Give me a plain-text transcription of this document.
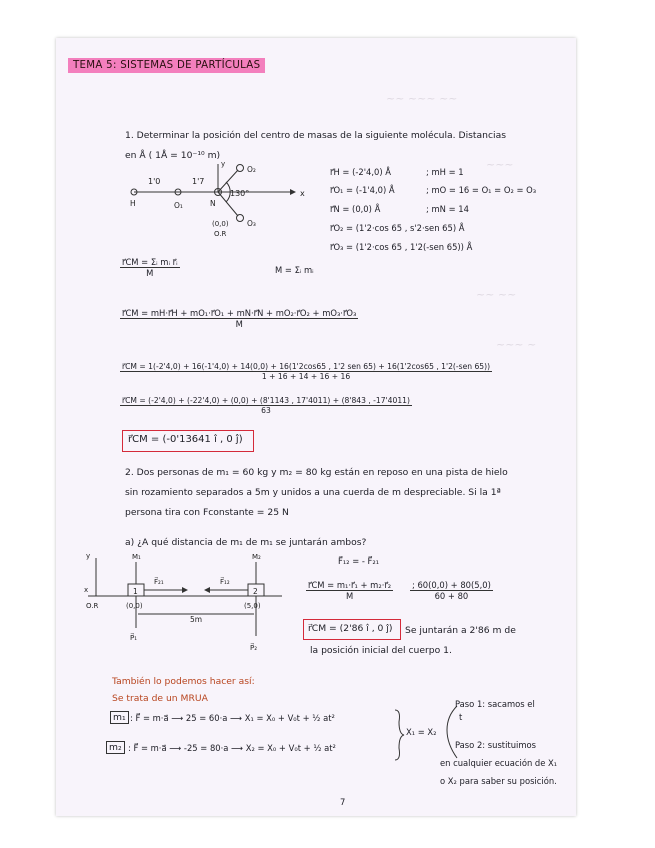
~~ ~~~ ~~
~~~
~~ ~~
~~~ ~
TEMA 5: SISTEMAS DE PARTÍCULAS
1. Determinar la posición del centro de masas de la siguiente molécula. Distancias
en Å ( 1Å = 10⁻¹⁰ m)
1'0	1'7
130°
H	O₁	N
O₂
O₃
(0,0)
O.R
x
y
r⃗H = (-2'4,0) Å
r⃗O₁ = (-1'4,0) Å
r⃗N = (0,0) Å
r⃗O₂ = (1'2·cos 65 , s'2·sen 65) Å
r⃗O₃ = (1'2·cos 65 , 1'2(-sen 65)) Å
; mH = 1
; mO = 16 = O₁ = O₂ = O₃
; mN = 14
$\frac{\text{r⃗CM = Σᵢ mᵢ r⃗ᵢ}}{M}$	M = Σᵢ mᵢ
$\frac{\text{r⃗CM = mH·r⃗H + mO₁·r⃗O₁ + mN·r⃗N + mO₂·r⃗O₂ + mO₃·r⃗O₃}}{M}$
r⃗CM = 1(-2'4,0) + 16(-1'4,0) + 14(0,0) + 16(1'2cos65 , 1'2 sen 65) + 16(1'2cos65 , 1'2(-sen 65))
1 + 16 + 14 + 16 + 16
r⃗CM = (-2'4,0) + (-22'4,0) + (0,0) + (8'1143 , 17'4011) + (8'843 , -17'4011)
63
r⃗CM = (-0'13641 î , 0 ĵ)
2. Dos personas de m₁ = 60 kg y m₂ = 80 kg están en reposo en una pista de hielo
sin rozamiento separados a 5m y unidos a una cuerda de m despreciable. Si la 1ª
persona tira con Fconstante = 25 N
a) ¿A qué distancia de m₁ de m₁ se juntarán ambos?
y
x
O.R
M₁	M₂
1	2
F⃗₂₁	F⃗₁₂
(0,0)	(5,0)
5m
P⃗₁
P⃗₂
F⃗₁₂ = - F⃗₂₁
$\frac{\text{r⃗CM = m₁·r⃗₁ + m₂·r⃗₂}}{M} \frac{; 60(0,0) + 80(5,0)}{60 + 80}$
r⃗CM = (2'86 î , 0 ĵ) Se juntarán a 2'86 m de
la posición inicial del cuerpo 1.
También lo podemos hacer así:
Se trata de un MRUA
m₁ : F⃗ = m·a⃗ ⟶ 25 = 60·a ⟶ X₁ = X₀ + V₀t + ½ at²
m₂ : F⃗ = m·a⃗ ⟶ -25 = 80·a ⟶ X₂ = X₀ + V₀t + ½ at²
X₁ = X₂
Paso 1: sacamos el
t
Paso 2: sustituimos
en cualquier ecuación de X₁
o X₂ para saber su posición.
7
